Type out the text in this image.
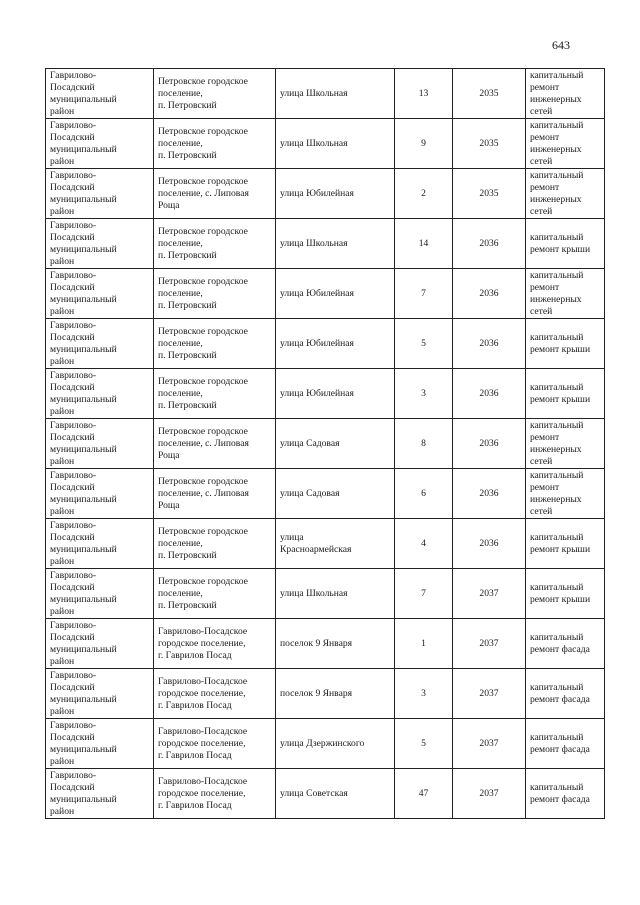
643
Гаврилово-
Посадский
муниципальный
район	Петровское городское
поселение,
п. Петровский	улица Школьная	13	2035	капитальный
ремонт
инженерных
сетей
Гаврилово-
Посадский
муниципальный
район	Петровское городское
поселение,
п. Петровский	улица Школьная	9	2035	капитальный
ремонт
инженерных
сетей
Гаврилово-
Посадский
муниципальный
район	Петровское городское
поселение, с. Липовая
Роща	улица Юбилейная	2	2035	капитальный
ремонт
инженерных
сетей
Гаврилово-
Посадский
муниципальный
район	Петровское городское
поселение,
п. Петровский	улица Школьная	14	2036	капитальный
ремонт крыши
Гаврилово-
Посадский
муниципальный
район	Петровское городское
поселение,
п. Петровский	улица Юбилейная	7	2036	капитальный
ремонт
инженерных
сетей
Гаврилово-
Посадский
муниципальный
район	Петровское городское
поселение,
п. Петровский	улица Юбилейная	5	2036	капитальный
ремонт крыши
Гаврилово-
Посадский
муниципальный
район	Петровское городское
поселение,
п. Петровский	улица Юбилейная	3	2036	капитальный
ремонт крыши
Гаврилово-
Посадский
муниципальный
район	Петровское городское
поселение, с. Липовая
Роща	улица Садовая	8	2036	капитальный
ремонт
инженерных
сетей
Гаврилово-
Посадский
муниципальный
район	Петровское городское
поселение, с. Липовая
Роща	улица Садовая	6	2036	капитальный
ремонт
инженерных
сетей
Гаврилово-
Посадский
муниципальный
район	Петровское городское
поселение,
п. Петровский	улица
Красноармейская	4	2036	капитальный
ремонт крыши
Гаврилово-
Посадский
муниципальный
район	Петровское городское
поселение,
п. Петровский	улица Школьная	7	2037	капитальный
ремонт крыши
Гаврилово-
Посадский
муниципальный
район	Гаврилово-Посадское
городское поселение,
г. Гаврилов Посад	поселок 9 Января	1	2037	капитальный
ремонт фасада
Гаврилово-
Посадский
муниципальный
район	Гаврилово-Посадское
городское поселение,
г. Гаврилов Посад	поселок 9 Января	3	2037	капитальный
ремонт фасада
Гаврилово-
Посадский
муниципальный
район	Гаврилово-Посадское
городское поселение,
г. Гаврилов Посад	улица Дзержинского	5	2037	капитальный
ремонт фасада
Гаврилово-
Посадский
муниципальный
район	Гаврилово-Посадское
городское поселение,
г. Гаврилов Посад	улица Советская	47	2037	капитальный
ремонт фасада
